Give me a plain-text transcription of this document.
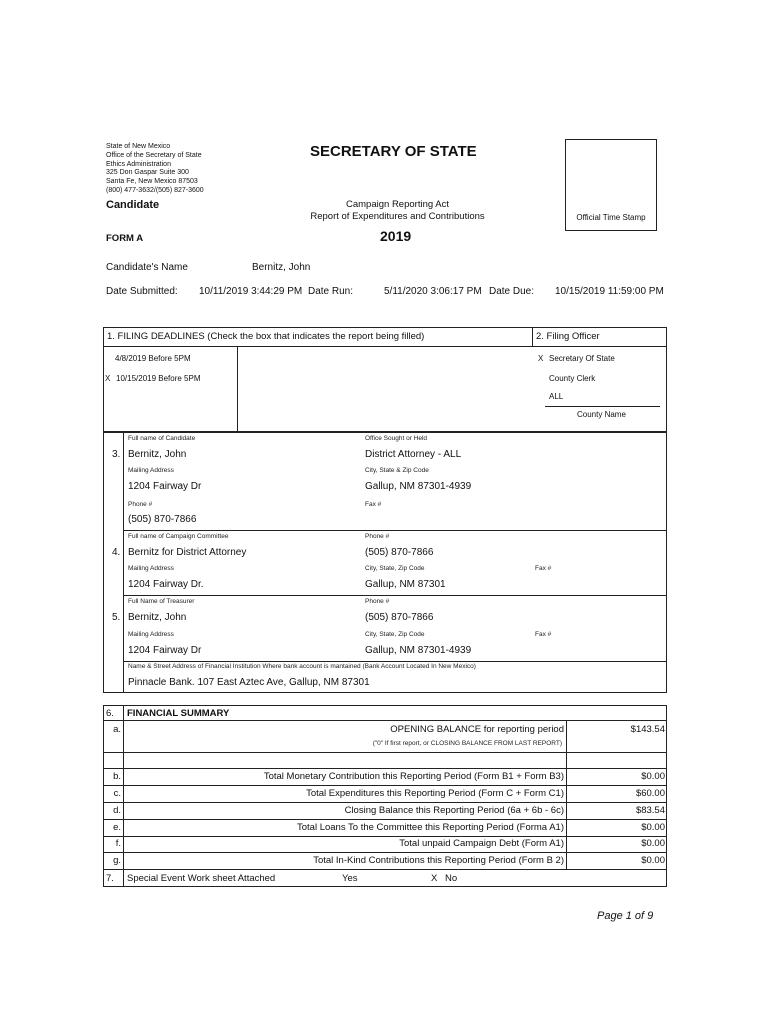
State of New Mexico
Office of the Secretary of State
Ethics Administration
325 Don Gaspar Suite 300
Santa Fe, New Mexico 87503
(800) 477-3632/(505) 827-3600
SECRETARY OF STATE
Candidate	Campaign Reporting Act
Report of Expenditures and Contributions	Official Time Stamp
FORM A	2019
Candidate's Name	Bernitz, John
Date Submitted: 10/11/2019 3:44:29 PM Date Run:	5/11/2020 3:06:17 PM Date Due: 10/15/2019 11:59:00 PM
1. FILING DEADLINES (Check the box that indicates the report being filled)	2. Filing Officer
4/8/2019 Before 5PM
X 10/15/2019 Before 5PM
X Secretary Of State
County Clerk
ALL
County Name
3.
Full name of Candidate	Office Sought or Held
Bernitz, John	District Attorney - ALL
Mailing Address	City, State & Zip Code
1204 Fairway Dr	Gallup, NM 87301-4939
Phone #	Fax #
(505) 870-7866
4.
Full name of Campaign Committee	Phone #
Bernitz for District Attorney	(505) 870-7866
Mailing Address	City, State, Zip Code	Fax #
1204 Fairway Dr.	Gallup, NM 87301
5.
Full Name of Treasurer	Phone #
Bernitz, John	(505) 870-7866
Mailing Address	City, State, Zip Code	Fax #
1204 Fairway Dr	Gallup, NM 87301-4939
Name & Street Address of Financial Institution Where bank account is mantained (Bank Account Located In New Mexico)
Pinnacle Bank. 107 East Aztec Ave, Gallup, NM 87301
6. FINANCIAL SUMMARY
a.	OPENING BALANCE for reporting period	$143.54
("0" If first report, or CLOSING BALANCE FROM LAST REPORT)
b.	Total Monetary Contribution this Reporting Period (Form B1 + Form B3)	$0.00
c.	Total Expenditures this Reporting Period (Form C + Form C1)	$60.00
d.	Closing Balance this Reporting Period (6a + 6b - 6c)	$83.54
e.	Total Loans To the Committee this Reporting Period (Forma A1)	$0.00
f.	Total unpaid Campaign Debt (Form A1)	$0.00
g.	Total In-Kind Contributions this Reporting Period (Form B 2)	$0.00
7. Special Event Work sheet Attached	Yes	X No
Page 1 of 9
